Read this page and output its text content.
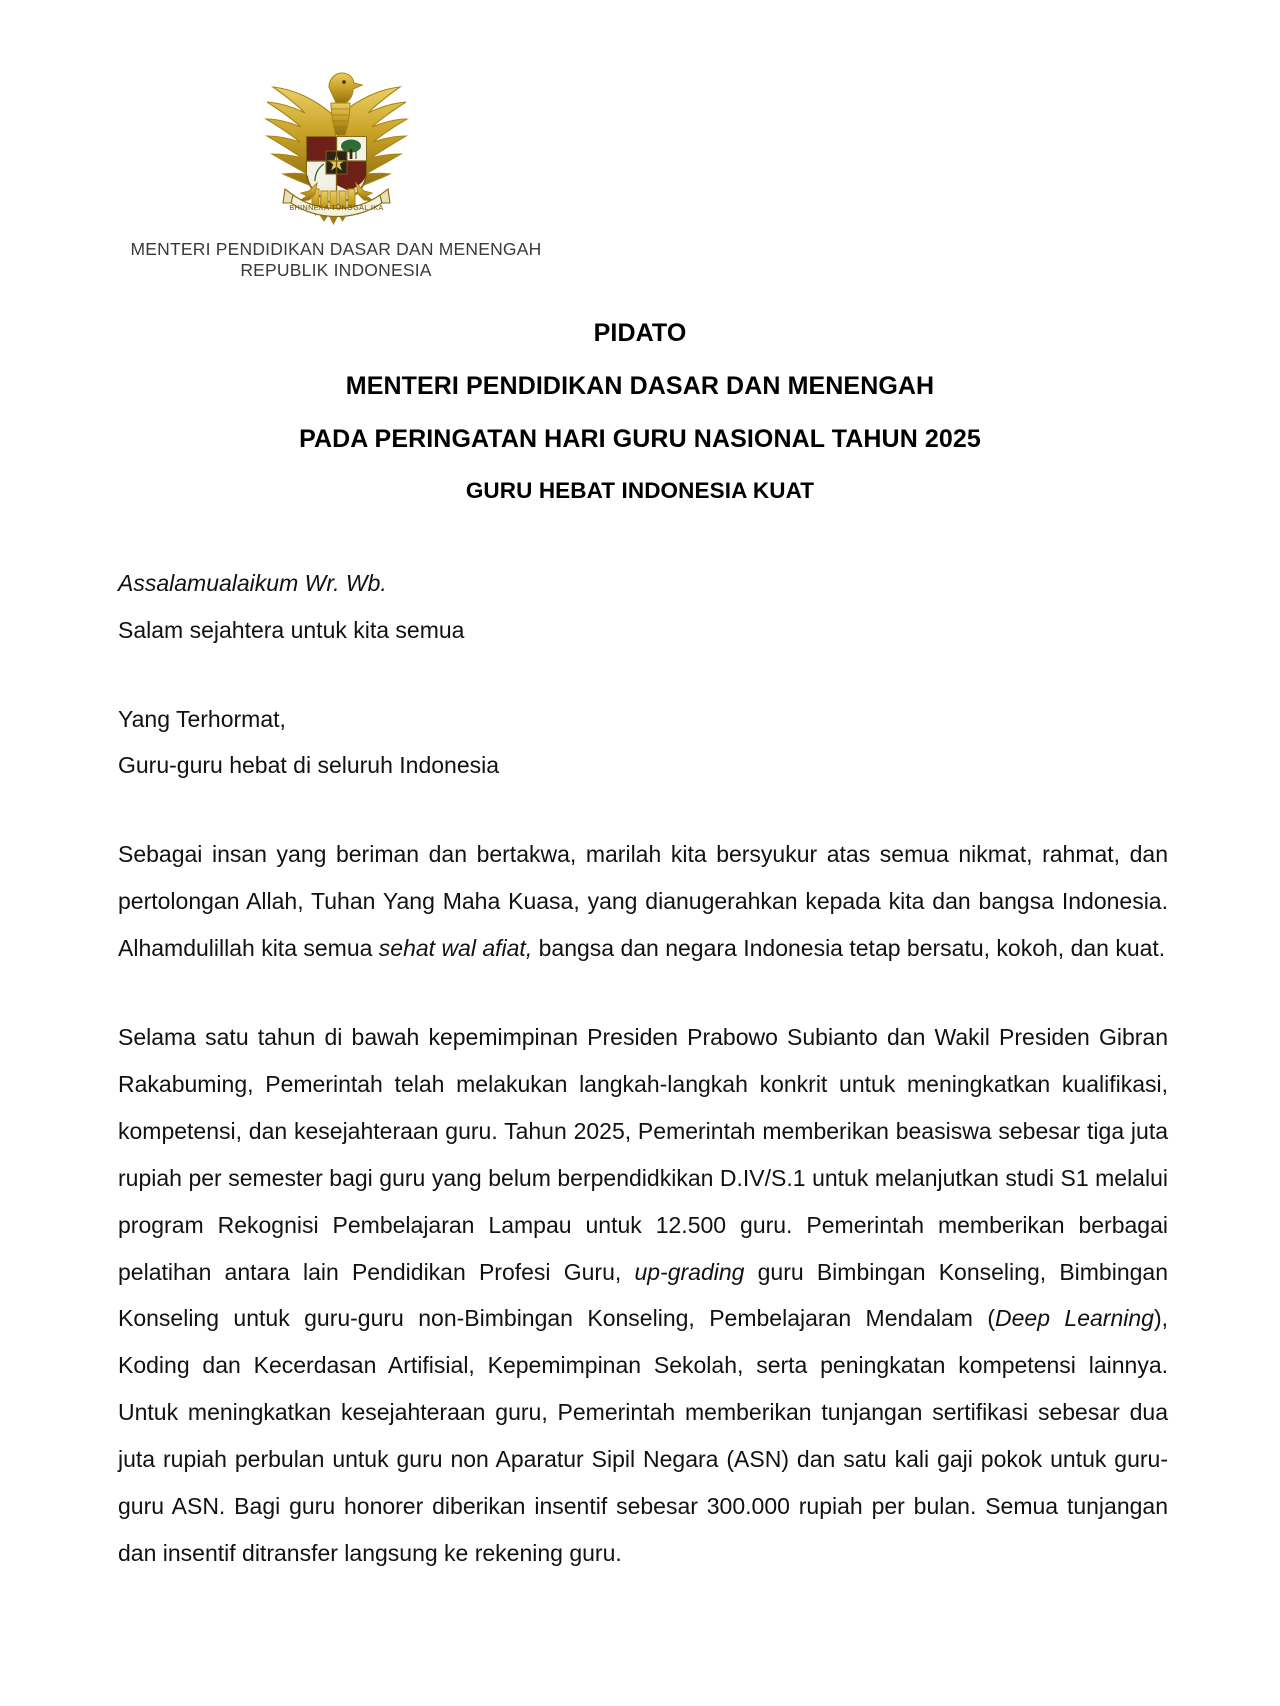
BHINNEKA TUNGGAL IKA
MENTERI PENDIDIKAN DASAR DAN MENENGAH
REPUBLIK INDONESIA
PIDATO
MENTERI PENDIDIKAN DASAR DAN MENENGAH
PADA PERINGATAN HARI GURU NASIONAL TAHUN 2025
GURU HEBAT INDONESIA KUAT

Assalamualaikum Wr. Wb.

Salam sejahtera untuk kita semua

Yang Terhormat,

Guru-guru hebat di seluruh Indonesia

Sebagai insan yang beriman dan bertakwa, marilah kita bersyukur atas semua nikmat, rahmat, dan pertolongan Allah, Tuhan Yang Maha Kuasa, yang dianugerahkan kepada kita dan bangsa Indonesia. Alhamdulillah kita semua sehat wal afiat, bangsa dan negara Indonesia tetap bersatu, kokoh, dan kuat.

Selama satu tahun di bawah kepemimpinan Presiden Prabowo Subianto dan Wakil Presiden Gibran Rakabuming, Pemerintah telah melakukan langkah-langkah konkrit untuk meningkatkan kualifikasi, kompetensi, dan kesejahteraan guru. Tahun 2025, Pemerintah memberikan beasiswa sebesar tiga juta rupiah per semester bagi guru yang belum berpendidkikan D.IV/S.1 untuk melanjutkan studi S1 melalui program Rekognisi Pembelajaran Lampau untuk 12.500 guru. Pemerintah memberikan berbagai pelatihan antara lain Pendidikan Profesi Guru, up-grading guru Bimbingan Konseling, Bimbingan Konseling untuk guru-guru non-Bimbingan Konseling, Pembelajaran Mendalam (Deep Learning), Koding dan Kecerdasan Artifisial, Kepemimpinan Sekolah, serta peningkatan kompetensi lainnya. Untuk meningkatkan kesejahteraan guru, Pemerintah memberikan tunjangan sertifikasi sebesar dua juta rupiah perbulan untuk guru non Aparatur Sipil Negara (ASN) dan satu kali gaji pokok untuk guru-guru ASN. Bagi guru honorer diberikan insentif sebesar 300.000 rupiah per bulan. Semua tunjangan dan insentif ditransfer langsung ke rekening guru.
